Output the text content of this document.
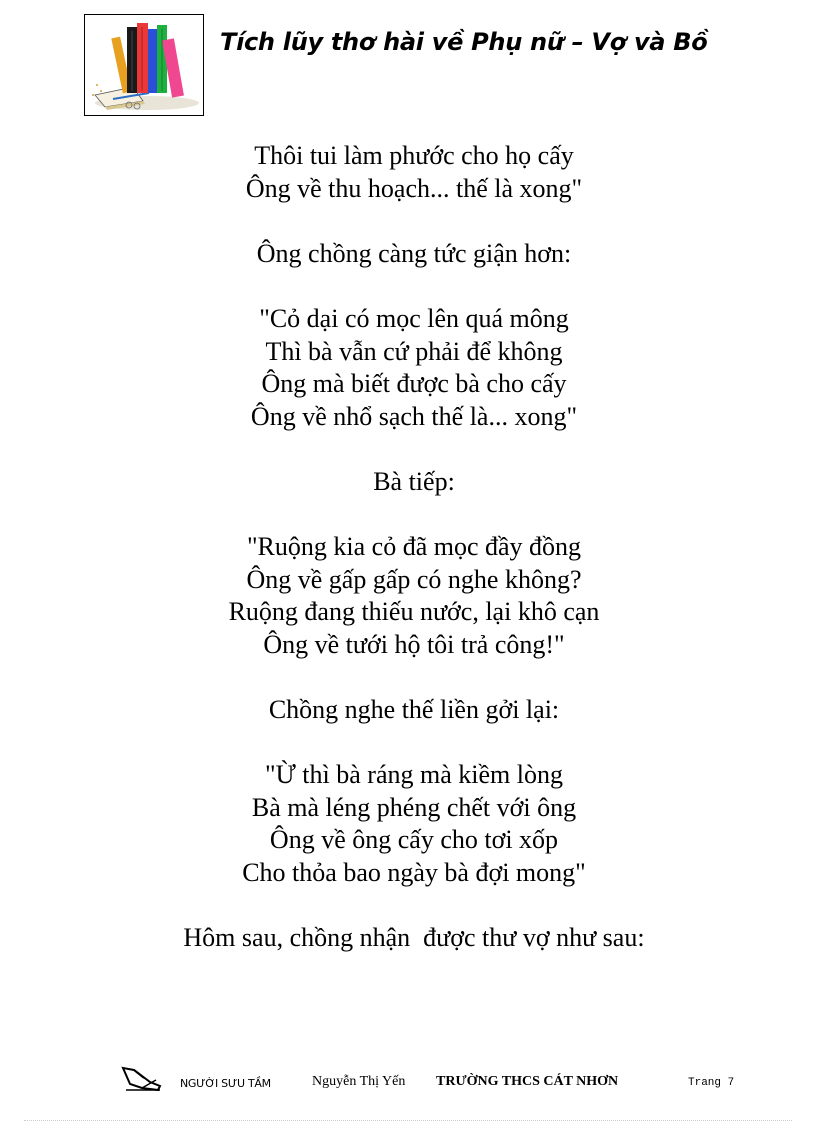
Tích lũy thơ hài về Phụ nữ – Vợ và Bồ
Thôi tui làm phước cho họ cấy
Ông về thu hoạch... thế là xong"
Ông chồng càng tức giận hơn:
"Cỏ dại có mọc lên quá mông
Thì bà vẫn cứ phải để không
Ông mà biết được bà cho cấy
Ông về nhổ sạch thế là... xong"
Bà tiếp:
"Ruộng kia cỏ đã mọc đầy đồng
Ông về gấp gấp có nghe không?
Ruộng đang thiếu nước, lại khô cạn
Ông về tưới hộ tôi trả công!"
Chồng nghe thế liền gởi lại:
"Ừ thì bà ráng mà kiềm lòng
Bà mà léng phéng chết với ông
Ông về ông cấy cho tơi xốp
Cho thỏa bao ngày bà đợi mong"
Hôm sau, chồng nhận  được thư vợ như sau:
NGƯỜI SƯU TẦM	Nguyễn Thị Yến TRƯỜNG THCS CÁT NHƠN	Trang 7
